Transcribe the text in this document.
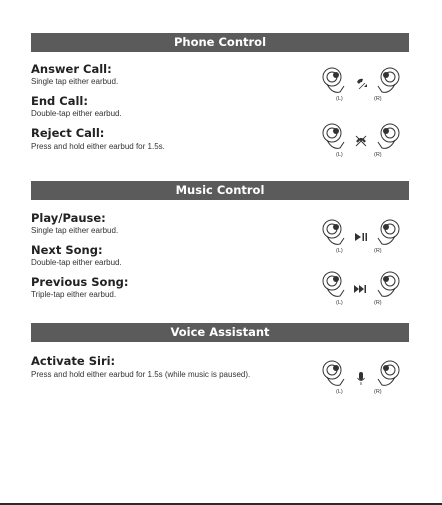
Phone Control
Answer Call:
Single tap either earbud.
End Call:
Double-tap either earbud.
Reject Call:
Press and hold either earbud for 1.5s.
(L)	(R)
(L)	(R)
Music Control
Play/Pause:
Single tap either earbud.
Next Song:
Double-tap either earbud.
Previous Song:
Triple-tap either earbud.
(L)	(R)
(L)	(R)
Voice Assistant
Activate Siri:
Press and hold either earbud for 1.5s (while music is paused).
(L)	(R)
